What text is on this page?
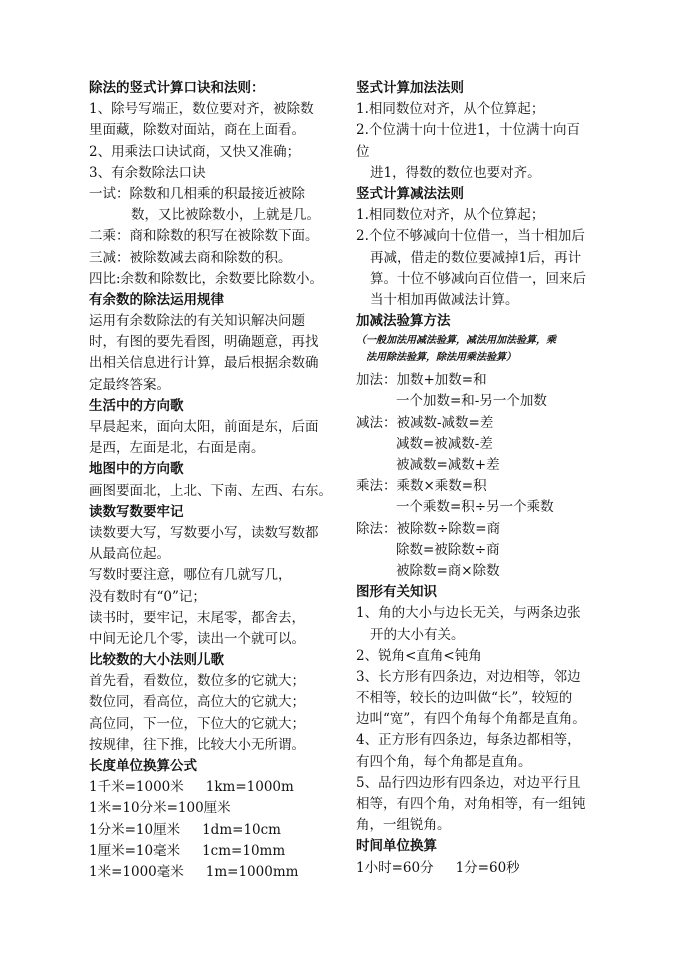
除法的竖式计算口诀和法则：
1、除号写端正，数位要对齐，被除数
里面藏，除数对面站，商在上面看。
2、用乘法口诀试商，又快又准确；
3、有余数除法口诀
一试：除数和几相乘的积最接近被除
数，又比被除数小，上就是几。
二乘：商和除数的积写在被除数下面。
三减：被除数减去商和除数的积。
四比:余数和除数比，余数要比除数小。
有余数的除法运用规律
运用有余数除法的有关知识解决问题
时，有图的要先看图，明确题意，再找
出相关信息进行计算，最后根据余数确
定最终答案。
生活中的方向歌
早晨起来，面向太阳，前面是东，后面
是西，左面是北，右面是南。
地图中的方向歌
画图要面北，上北、下南、左西、右东。
读数写数要牢记
读数要大写，写数要小写，读数写数都
从最高位起。
写数时要注意，哪位有几就写几，
没有数时有“0”记；
读书时，要牢记，末尾零，都舍去，
中间无论几个零，读出一个就可以。
比较数的大小法则儿歌
首先看，看数位，数位多的它就大；
数位同，看高位，高位大的它就大；
高位同，下一位，下位大的它就大；
按规律，往下推，比较大小无所谓。
长度单位换算公式
1千米=1000米 1km=1000m
1米=10分米=100厘米
1分米=10厘米 1dm=10cm
1厘米=10毫米 1cm=10mm
1米=1000毫米 1m=1000mm
竖式计算加法法则
1.相同数位对齐，从个位算起；
2.个位满十向十位进1，十位满十向百
位
进1，得数的数位也要对齐。
竖式计算减法法则
1.相同数位对齐，从个位算起；
2.个位不够减向十位借一，当十相加后
再减，借走的数位要减掉1后，再计
算。十位不够减向百位借一，回来后
当十相加再做减法计算。
加减法验算方法
（一般加法用减法验算，减法用加法验算，乘
法用除法验算，除法用乘法验算）
加法：加数+加数=和
一个加数=和-另一个加数
减法：被减数-减数=差
减数=被减数-差
被减数=减数+差
乘法：乘数×乘数=积
一个乘数=积÷另一个乘数
除法：被除数÷除数=商
除数=被除数÷商
被除数=商×除数
图形有关知识
1、角的大小与边长无关，与两条边张
开的大小有关。
2、锐角<直角<钝角
3、长方形有四条边，对边相等，邻边
不相等，较长的边叫做“长”，较短的
边叫“宽”，有四个角每个角都是直角。
4、正方形有四条边，每条边都相等，
有四个角，每个角都是直角。
5、品行四边形有四条边，对边平行且
相等，有四个角，对角相等，有一组钝
角，一组锐角。
时间单位换算
1小时=60分 1分=60秒
